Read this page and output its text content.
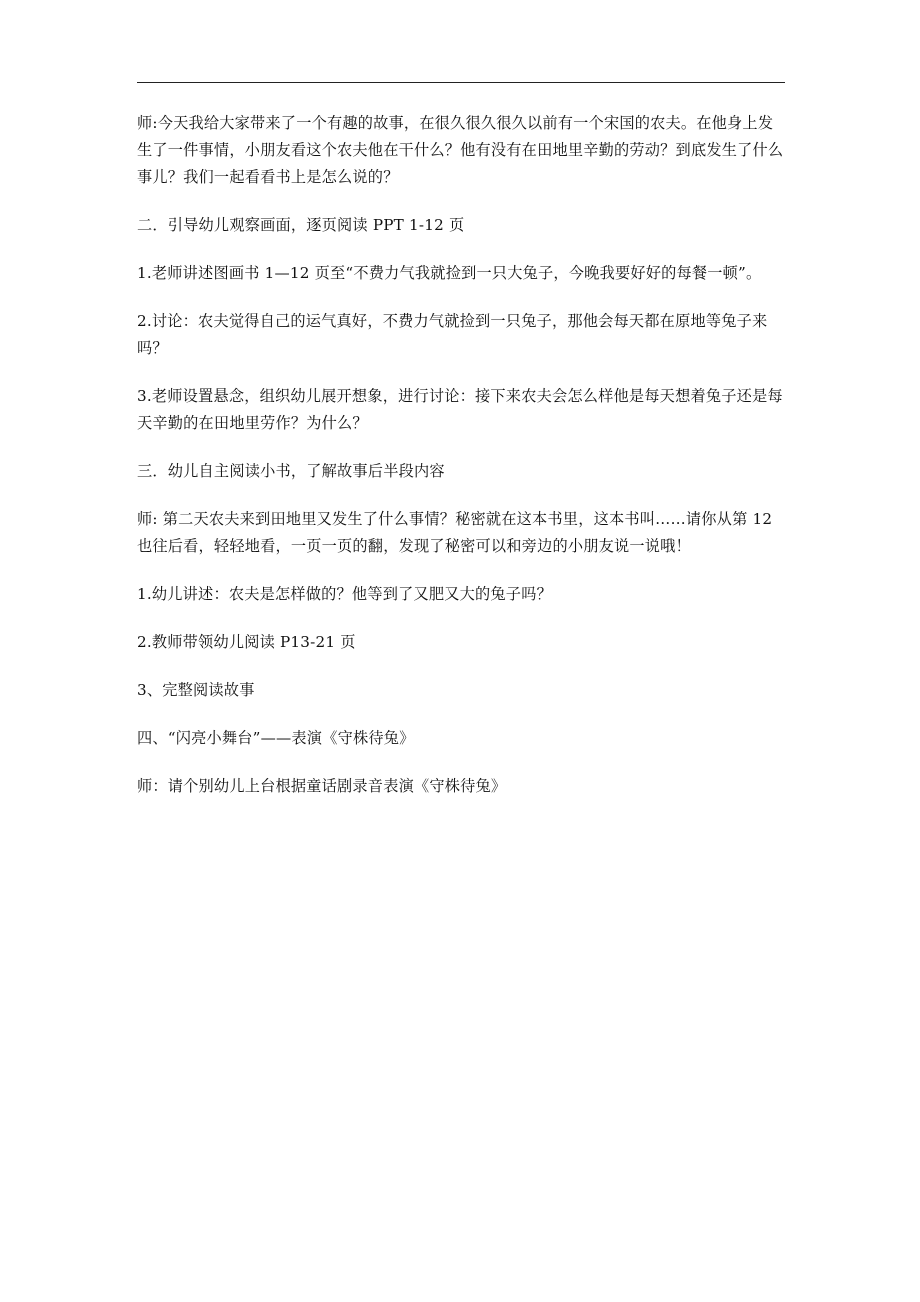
师:今天我给大家带来了一个有趣的故事，在很久很久很久以前有一个宋国的农夫。在他身上发生了一件事情，小朋友看这个农夫他在干什么？他有没有在田地里辛勤的劳动？到底发生了什么事儿？我们一起看看书上是怎么说的？

二．引导幼儿观察画面，逐页阅读 PPT 1-12 页

1.老师讲述图画书 1—12 页至“不费力气我就捡到一只大兔子，今晚我要好好的每餐一顿”。

2.讨论：农夫觉得自己的运气真好，不费力气就捡到一只兔子，那他会每天都在原地等兔子来吗？

3.老师设置悬念，组织幼儿展开想象，进行讨论：接下来农夫会怎么样他是每天想着兔子还是每天辛勤的在田地里劳作？为什么？

三．幼儿自主阅读小书，了解故事后半段内容

师: 第二天农夫来到田地里又发生了什么事情？秘密就在这本书里，这本书叫……请你从第 12 也往后看，轻轻地看，一页一页的翻，发现了秘密可以和旁边的小朋友说一说哦！

1.幼儿讲述：农夫是怎样做的？他等到了又肥又大的兔子吗？

2.教师带领幼儿阅读 P13-21 页

3、完整阅读故事

四、“闪亮小舞台”——表演《守株待兔》

师：请个别幼儿上台根据童话剧录音表演《守株待兔》
